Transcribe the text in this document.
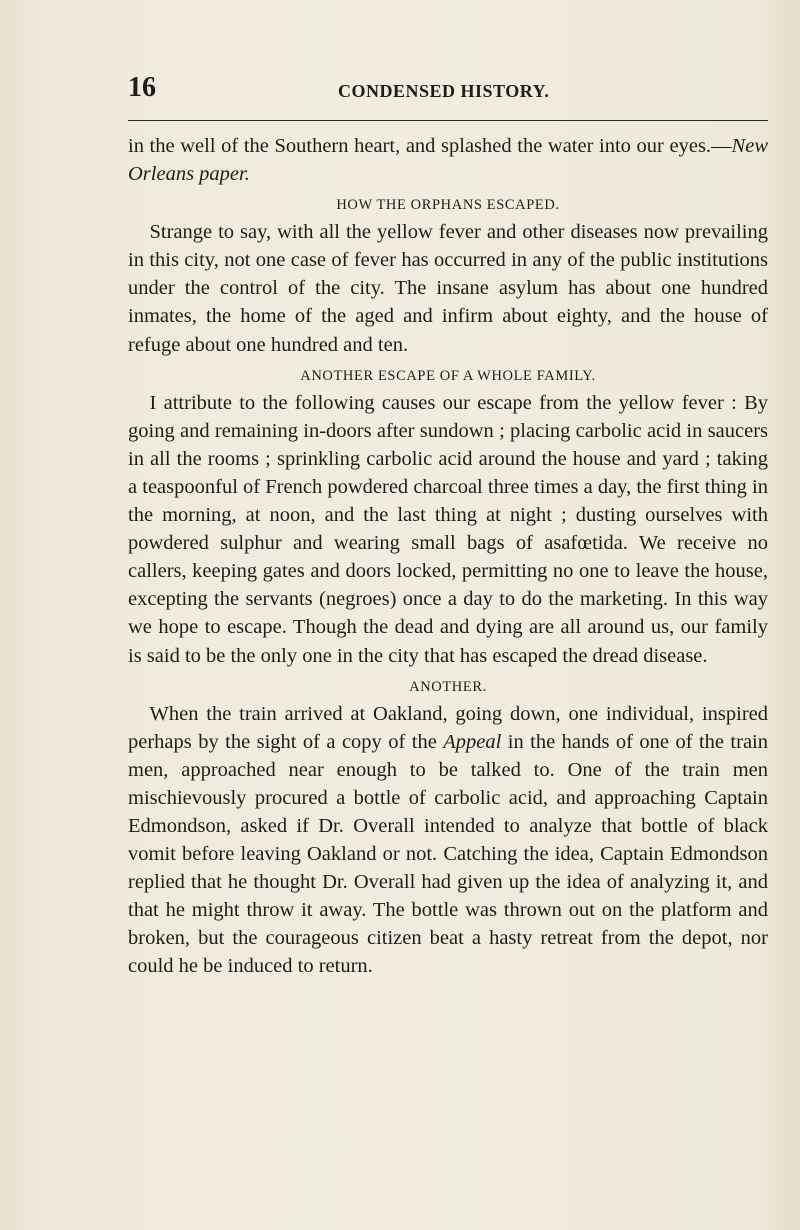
16	CONDENSED HISTORY.

in the well of the Southern heart, and splashed the water into our eyes.—New Orleans paper.

HOW THE ORPHANS ESCAPED.

Strange to say, with all the yellow fever and other diseases now prevailing in this city, not one case of fever has occurred in any of the public institutions under the control of the city. The insane asylum has about one hundred inmates, the home of the aged and infirm about eighty, and the house of refuge about one hundred and ten.

ANOTHER ESCAPE OF A WHOLE FAMILY.

I attribute to the following causes our escape from the yellow fever : By going and remaining in-doors after sundown ; placing carbolic acid in saucers in all the rooms ; sprinkling carbolic acid around the house and yard ; taking a teaspoonful of French powdered charcoal three times a day, the first thing in the morning, at noon, and the last thing at night ; dusting ourselves with powdered sulphur and wearing small bags of asafœtida. We receive no callers, keeping gates and doors locked, permitting no one to leave the house, excepting the servants (negroes) once a day to do the marketing. In this way we hope to escape. Though the dead and dying are all around us, our family is said to be the only one in the city that has escaped the dread disease.

ANOTHER.

When the train arrived at Oakland, going down, one individual, inspired perhaps by the sight of a copy of the Appeal in the hands of one of the train men, approached near enough to be talked to. One of the train men mischievously procured a bottle of carbolic acid, and approaching Captain Edmondson, asked if Dr. Overall intended to analyze that bottle of black vomit before leaving Oakland or not. Catching the idea, Captain Edmondson replied that he thought Dr. Overall had given up the idea of analyzing it, and that he might throw it away. The bottle was thrown out on the platform and broken, but the courageous citizen beat a hasty retreat from the depot, nor could he be induced to return.
